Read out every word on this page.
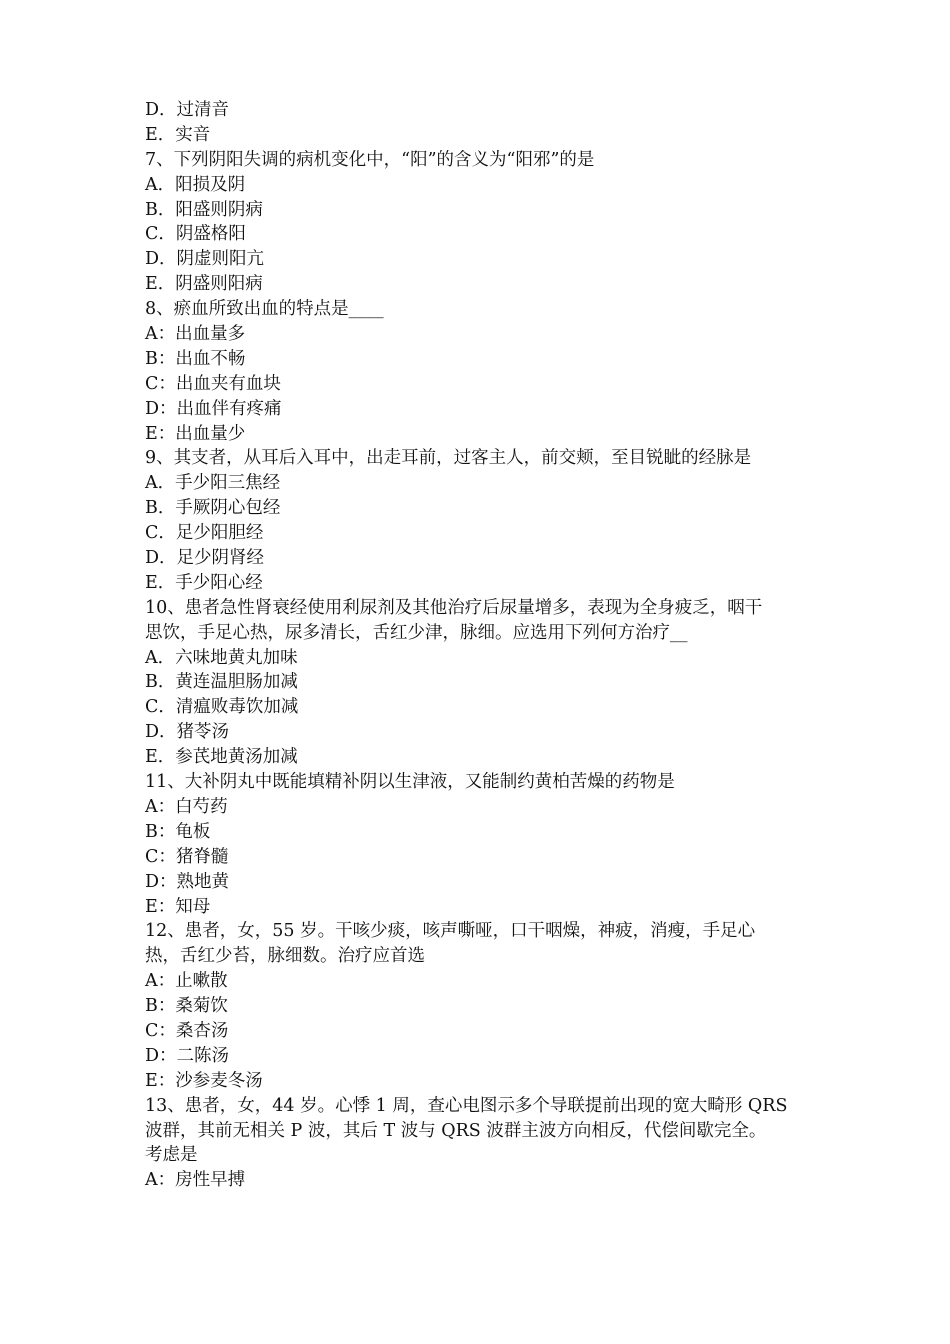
D．过清音
E．实音
7、下列阴阳失调的病机变化中，“阳”的含义为“阳邪”的是
A．阳损及阴
B．阳盛则阴病
C．阴盛格阳
D．阴虚则阳亢
E．阴盛则阳病
8、瘀血所致出血的特点是____
A：出血量多
B：出血不畅
C：出血夹有血块
D：出血伴有疼痛
E：出血量少
9、其支者，从耳后入耳中，出走耳前，过客主人，前交颊，至目锐眦的经脉是
A．手少阳三焦经
B．手厥阴心包经
C．足少阳胆经
D．足少阴肾经
E．手少阳心经
10、患者急性肾衰经使用利尿剂及其他治疗后尿量增多，表现为全身疲乏，咽干
思饮，手足心热，尿多清长，舌红少津，脉细。应选用下列何方治疗__
A．六味地黄丸加味
B．黄连温胆肠加减
C．清瘟败毒饮加减
D．猪苓汤
E．参芪地黄汤加减
11、大补阴丸中既能填精补阴以生津液，又能制约黄柏苦燥的药物是
A：白芍药
B：龟板
C：猪脊髓
D：熟地黄
E：知母
12、患者，女，55 岁。干咳少痰，咳声嘶哑，口干咽燥，神疲，消瘦，手足心
热，舌红少苔，脉细数。治疗应首选
A：止嗽散
B：桑菊饮
C：桑杏汤
D：二陈汤
E：沙参麦冬汤
13、患者，女，44 岁。心悸 1 周，查心电图示多个导联提前出现的宽大畸形 QRS
波群，其前无相关 P 波，其后 T 波与 QRS 波群主波方向相反，代偿间歇完全。
考虑是
A：房性早搏
